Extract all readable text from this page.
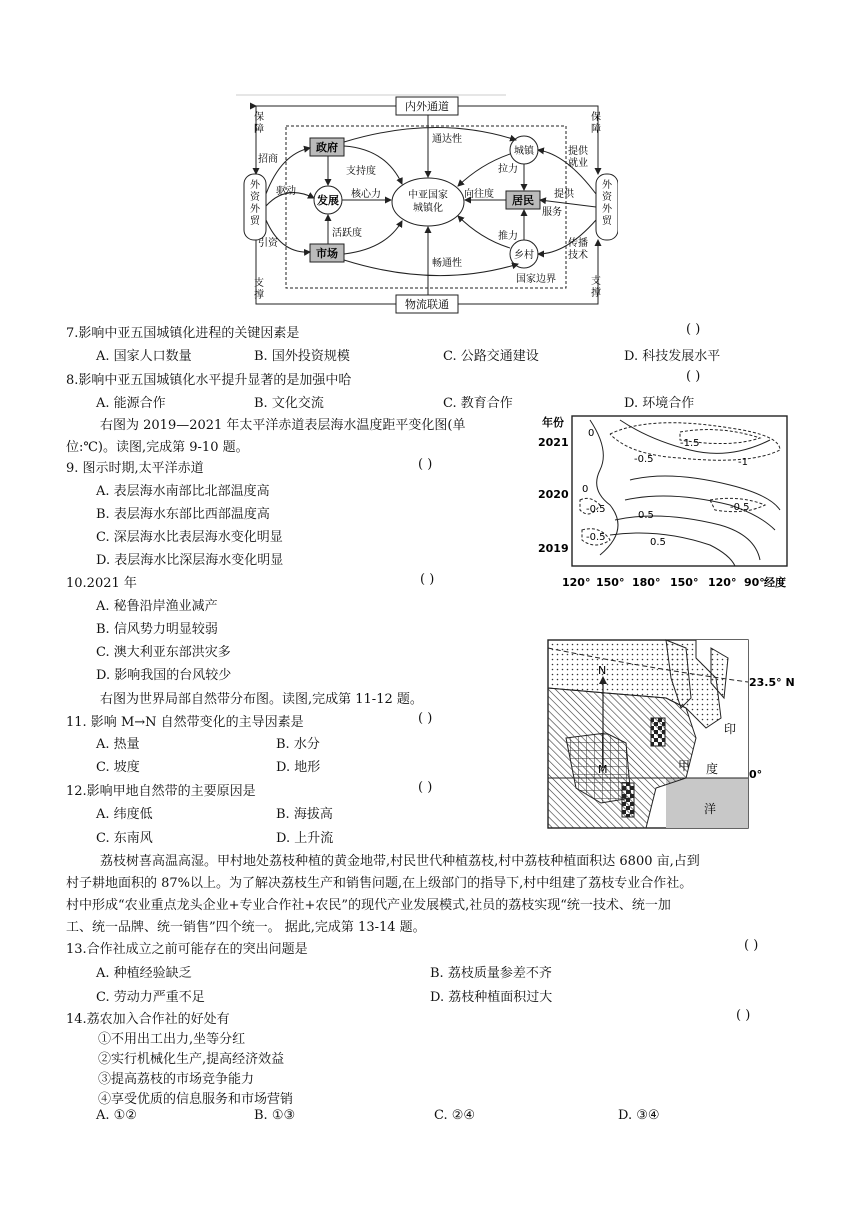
内外通道
物流联通
政府
市场
发展	居民
城镇
乡村
中亚国家
城镇化
外资外贸
外资外贸
保障
招商
驱动
引资
支撑
保障
提供就业
提供服务
传播技术
支撑
通达性
支持度
核心力
活跃度
畅通性
拉力
向往度
推力
国家边界
7.影响中亚五国城镇化进程的关键因素是	( )
A. 国家人口数量	B. 国外投资规模	C. 公路交通建设	D. 科技发展水平
8.影响中亚五国城镇化水平提升显著的是加强中哈	( )
A. 能源合作	B. 文化交流	C. 教育合作	D. 环境合作
右图为 2019—2021 年太平洋赤道表层海水温度距平变化图(单
位:℃)。读图,完成第 9-10 题。
9. 图示时期,太平洋赤道	( )
A. 表层海水南部比北部温度高
B. 表层海水东部比西部温度高
C. 深层海水比表层海水变化明显
D. 表层海水比深层海水变化明显
10.2021 年	( )
A. 秘鲁沿岸渔业减产
B. 信风势力明显较弱
C. 澳大利亚东部洪灾多
D. 影响我国的台风较少
年份
2021
2020
2019
0
-1.5
-0.5	-1
0
-0.5
0.5
-0.5
-0.5	0.5
120° 150° 180° 150° 120° 90° 经度
右图为世界局部自然带分布图。读图,完成第 11-12 题。
11. 影响 M→N 自然带变化的主导因素是	( )
A. 热量	B. 水分
C. 坡度	D. 地形
12.影响甲地自然带的主要原因是	( )
A. 纬度低	B. 海拔高
C. 东南风	D. 上升流
N
M	甲
印
度
洋
23.5° N
0°
荔枝树喜高温高湿。甲村地处荔枝种植的黄金地带,村民世代种植荔枝,村中荔枝种植面积达 6800 亩,占到
村子耕地面积的 87%以上。为了解决荔枝生产和销售问题,在上级部门的指导下,村中组建了荔枝专业合作社。
村中形成“农业重点龙头企业+专业合作社+农民”的现代产业发展模式,社员的荔枝实现“统一技术、统一加
工、统一品牌、统一销售”四个统一。 据此,完成第 13-14 题。
13.合作社成立之前可能存在的突出问题是	( )
A. 种植经验缺乏	B. 荔枝质量参差不齐
C. 劳动力严重不足	D. 荔枝种植面积过大
14.荔农加入合作社的好处有	( )
①不用出工出力,坐等分红
②实行机械化生产,提高经济效益
③提高荔枝的市场竞争能力
④享受优质的信息服务和市场营销
A. ①②	B. ①③	C. ②④	D. ③④
